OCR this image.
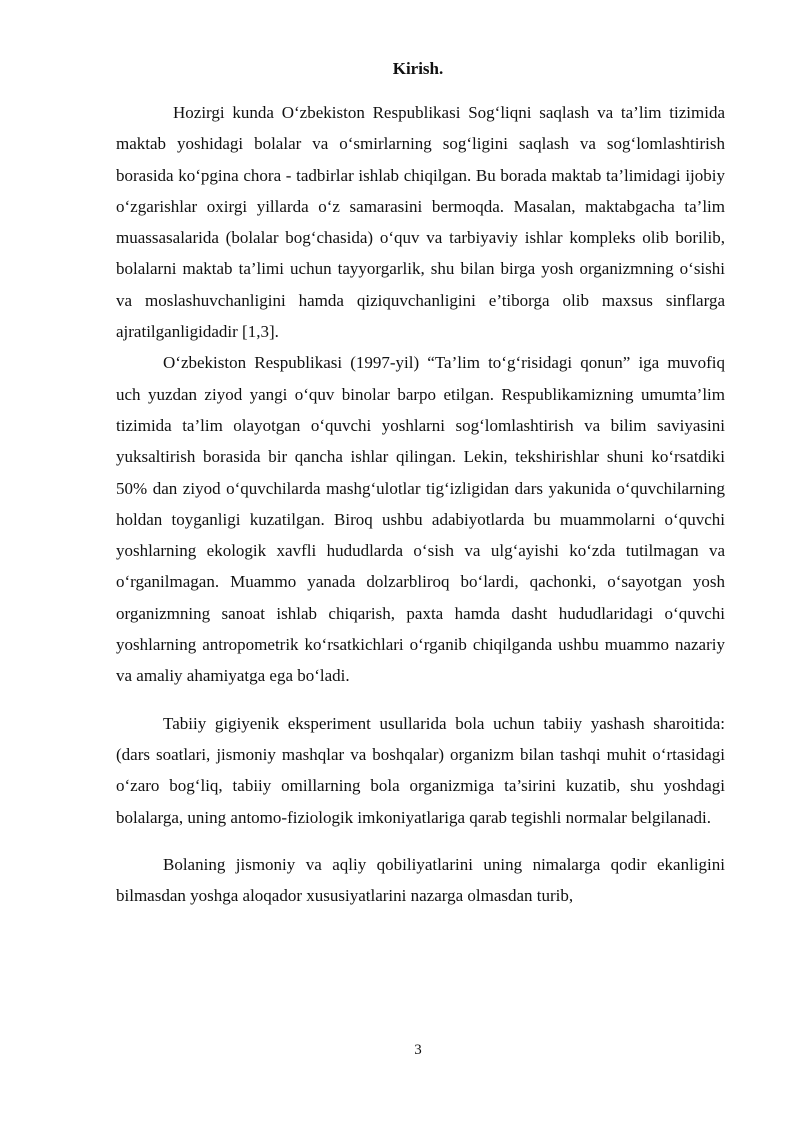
Kirish.

Hozirgi kunda O‘zbekiston Respublikasi Sog‘liqni saqlash va ta’lim tizimida maktab yoshidagi bolalar va o‘smirlarning sog‘ligini saqlash va sog‘lomlashtirish borasida ko‘pgina chora - tadbirlar ishlab chiqilgan. Bu borada maktab ta’limidagi ijobiy o‘zgarishlar oxirgi yillarda o‘z samarasini bermoqda. Masalan, maktabgacha ta’lim muassasalarida (bolalar bog‘chasida) o‘quv va tarbiyaviy ishlar kompleks olib borilib, bolalarni maktab ta’limi uchun tayyorgarlik, shu bilan birga yosh organizmning o‘sishi va moslashuvchanligini hamda qiziquvchanligini e’tiborga olib maxsus sinflarga ajratilganligidadir [1,3].

O‘zbekiston Respublikasi (1997-yil) “Ta’lim to‘g‘risidagi qonun” iga muvofiq uch yuzdan ziyod yangi o‘quv binolar barpo etilgan. Respublikamizning umumta’lim tizimida ta’lim olayotgan o‘quvchi yoshlarni sog‘lomlashtirish va bilim saviyasini yuksaltirish borasida bir qancha ishlar qilingan. Lekin, tekshirishlar shuni ko‘rsatdiki 50% dan ziyod o‘quvchilarda mashg‘ulotlar tig‘izligidan dars yakunida o‘quvchilarning holdan toyganligi kuzatilgan. Biroq ushbu adabiyotlarda bu muammolarni o‘quvchi yoshlarning ekologik xavfli hududlarda o‘sish va ulg‘ayishi ko‘zda tutilmagan va o‘rganilmagan. Muammo yanada dolzarbliroq bo‘lardi, qachonki, o‘sayotgan yosh organizmning sanoat ishlab chiqarish, paxta hamda dasht hududlaridagi o‘quvchi yoshlarning antropometrik ko‘rsatkichlari o‘rganib chiqilganda ushbu muammo nazariy va amaliy ahamiyatga ega bo‘ladi.

Tabiiy gigiyenik eksperiment usullarida bola uchun tabiiy yashash sharoitida: (dars soatlari, jismoniy mashqlar va boshqalar) organizm bilan tashqi muhit o‘rtasidagi o‘zaro bog‘liq, tabiiy omillarning bola organizmiga ta’sirini kuzatib, shu yoshdagi bolalarga, uning antomo-fiziologik imkoniyatlariga qarab tegishli normalar belgilanadi.

Bolaning jismoniy va aqliy qobiliyatlarini uning nimalarga qodir ekanligini bilmasdan yoshga aloqador xususiyatlarini nazarga olmasdan turib,

3
